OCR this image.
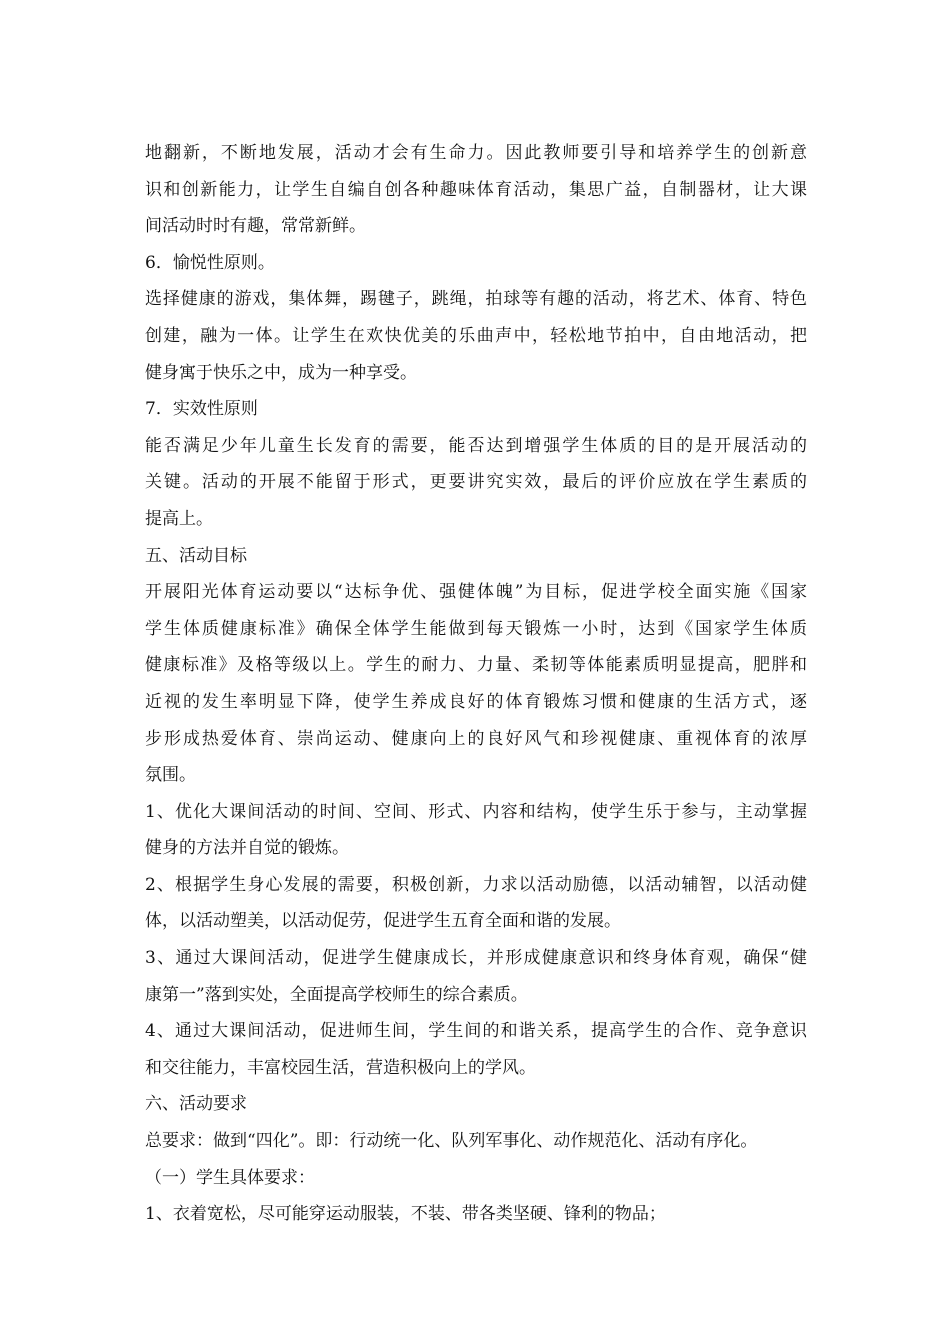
地翻新，不断地发展，活动才会有生命力。因此教师要引导和培养学生的创新意
识和创新能力，让学生自编自创各种趣味体育活动，集思广益，自制器材，让大课
间活动时时有趣，常常新鲜。
6．愉悦性原则。
选择健康的游戏，集体舞，踢毽子，跳绳，拍球等有趣的活动，将艺术、体育、特色
创建，融为一体。让学生在欢快优美的乐曲声中，轻松地节拍中，自由地活动，把
健身寓于快乐之中，成为一种享受。
7．实效性原则
能否满足少年儿童生长发育的需要，能否达到增强学生体质的目的是开展活动的
关键。活动的开展不能留于形式，更要讲究实效，最后的评价应放在学生素质的
提高上。
五、活动目标
开展阳光体育运动要以“达标争优、强健体魄”为目标，促进学校全面实施《国家
学生体质健康标准》确保全体学生能做到每天锻炼一小时，达到《国家学生体质
健康标准》及格等级以上。学生的耐力、力量、柔韧等体能素质明显提高，肥胖和
近视的发生率明显下降，使学生养成良好的体育锻炼习惯和健康的生活方式，逐
步形成热爱体育、崇尚运动、健康向上的良好风气和珍视健康、重视体育的浓厚
氛围。
1、优化大课间活动的时间、空间、形式、内容和结构，使学生乐于参与，主动掌握
健身的方法并自觉的锻炼。
2、根据学生身心发展的需要，积极创新，力求以活动励德，以活动辅智，以活动健
体，以活动塑美，以活动促劳，促进学生五育全面和谐的发展。
3、通过大课间活动，促进学生健康成长，并形成健康意识和终身体育观，确保“健
康第一”落到实处，全面提高学校师生的综合素质。
4、通过大课间活动，促进师生间，学生间的和谐关系，提高学生的合作、竞争意识
和交往能力，丰富校园生活，营造积极向上的学风。
六、活动要求
总要求：做到“四化”。即：行动统一化、队列军事化、动作规范化、活动有序化。
（一）学生具体要求：
1、衣着宽松，尽可能穿运动服装，不装、带各类坚硬、锋利的物品；
